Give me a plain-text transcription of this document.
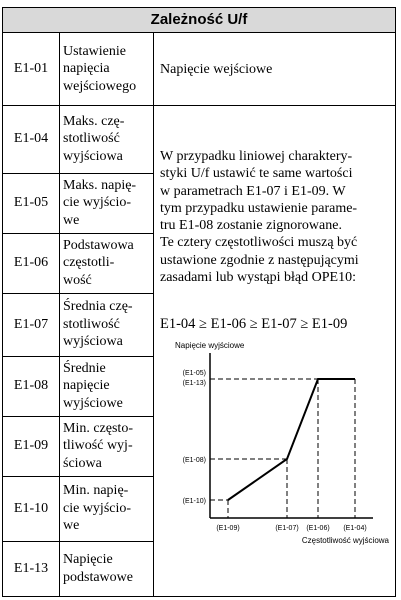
Zależność U/f
E1-01
Ustawienie
napięcia
wejściowego
E1-04
Maks. czę-
stotliwość
wyjściowa
E1-05
Maks. napię-
cie wyjścio-
we
E1-06
Podstawowa
częstotli-
wość
E1-07
Średnia czę-
stotliwość
wyjściowa
E1-08
Średnie
napięcie
wyjściowe
E1-09
Min. często-
tliwość wyj-
ściowa
E1-10
Min. napię-
cie wyjścio-
we
E1-13
Napięcie
podstawowe
Napięcie wejściowe
W przypadku liniowej charaktery-
styki U/f ustawić te same wartości
w parametrach E1-07 i E1-09. W
tym przypadku ustawienie parame-
tru E1-08 zostanie zignorowane.
Te cztery częstotliwości muszą być
ustawione zgodnie z następującymi
zasadami lub wystąpi błąd OPE10:
E1-04 ≥ E1-06 ≥ E1-07 ≥ E1-09
Napięcie wyjściowe
Częstotliwość wyjściowa
(E1-05)
(E1-13)
(E1-08)
(E1-10)
(E1-09)	(E1-07) (E1-06) (E1-04)
